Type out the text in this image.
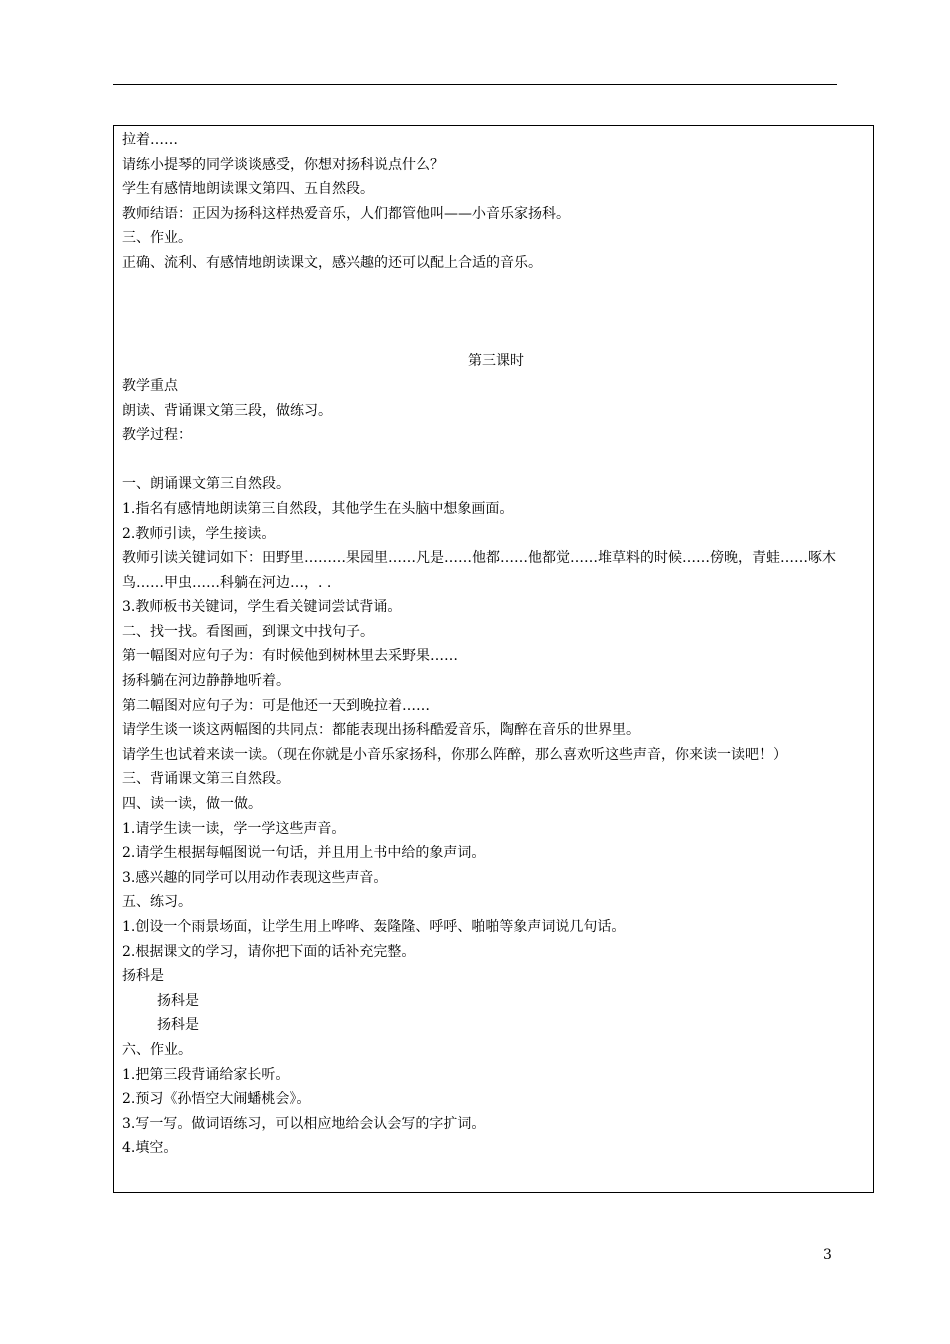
拉着……
请练小提琴的同学谈谈感受，你想对扬科说点什么？
学生有感情地朗读课文第四、五自然段。
教师结语：正因为扬科这样热爱音乐，人们都管他叫——小音乐家扬科。
三、作业。
正确、流利、有感情地朗读课文，感兴趣的还可以配上合适的音乐。
第三课时
教学重点
朗读、背诵课文第三段，做练习。
教学过程：
一、朗诵课文第三自然段。
1.指名有感情地朗读第三自然段，其他学生在头脑中想象画面。
2.教师引读，学生接读。
教师引读关键词如下：田野里………果园里……凡是……他都……他都觉……堆草料的时候……傍晚，青蛙……啄木鸟……甲虫……科躺在河边…，. .
3.教师板书关键词，学生看关键词尝试背诵。
二、找一找。看图画，到课文中找句子。
第一幅图对应句子为：有时候他到树林里去采野果……
扬科躺在河边静静地听着。
第二幅图对应句子为：可是他还一天到晚拉着……
请学生谈一谈这两幅图的共同点：都能表现出扬科酷爱音乐，陶醉在音乐的世界里。
请学生也试着来读一读。（现在你就是小音乐家扬科，你那么阵醉，那么喜欢听这些声音，你来读一读吧！）
三、背诵课文第三自然段。
四、读一读，做一做。
1.请学生读一读，学一学这些声音。
2.请学生根据每幅图说一句话，并且用上书中给的象声词。
3.感兴趣的同学可以用动作表现这些声音。
五、练习。
1.创设一个雨景场面，让学生用上哗哗、轰隆隆、呼呼、啪啪等象声词说几句话。
2.根据课文的学习，请你把下面的话补充完整。
扬科是
扬科是
扬科是
六、作业。
1.把第三段背诵给家长听。
2.预习《孙悟空大闹蟠桃会》。
3.写一写。做词语练习，可以相应地给会认会写的字扩词。
4.填空。
3
